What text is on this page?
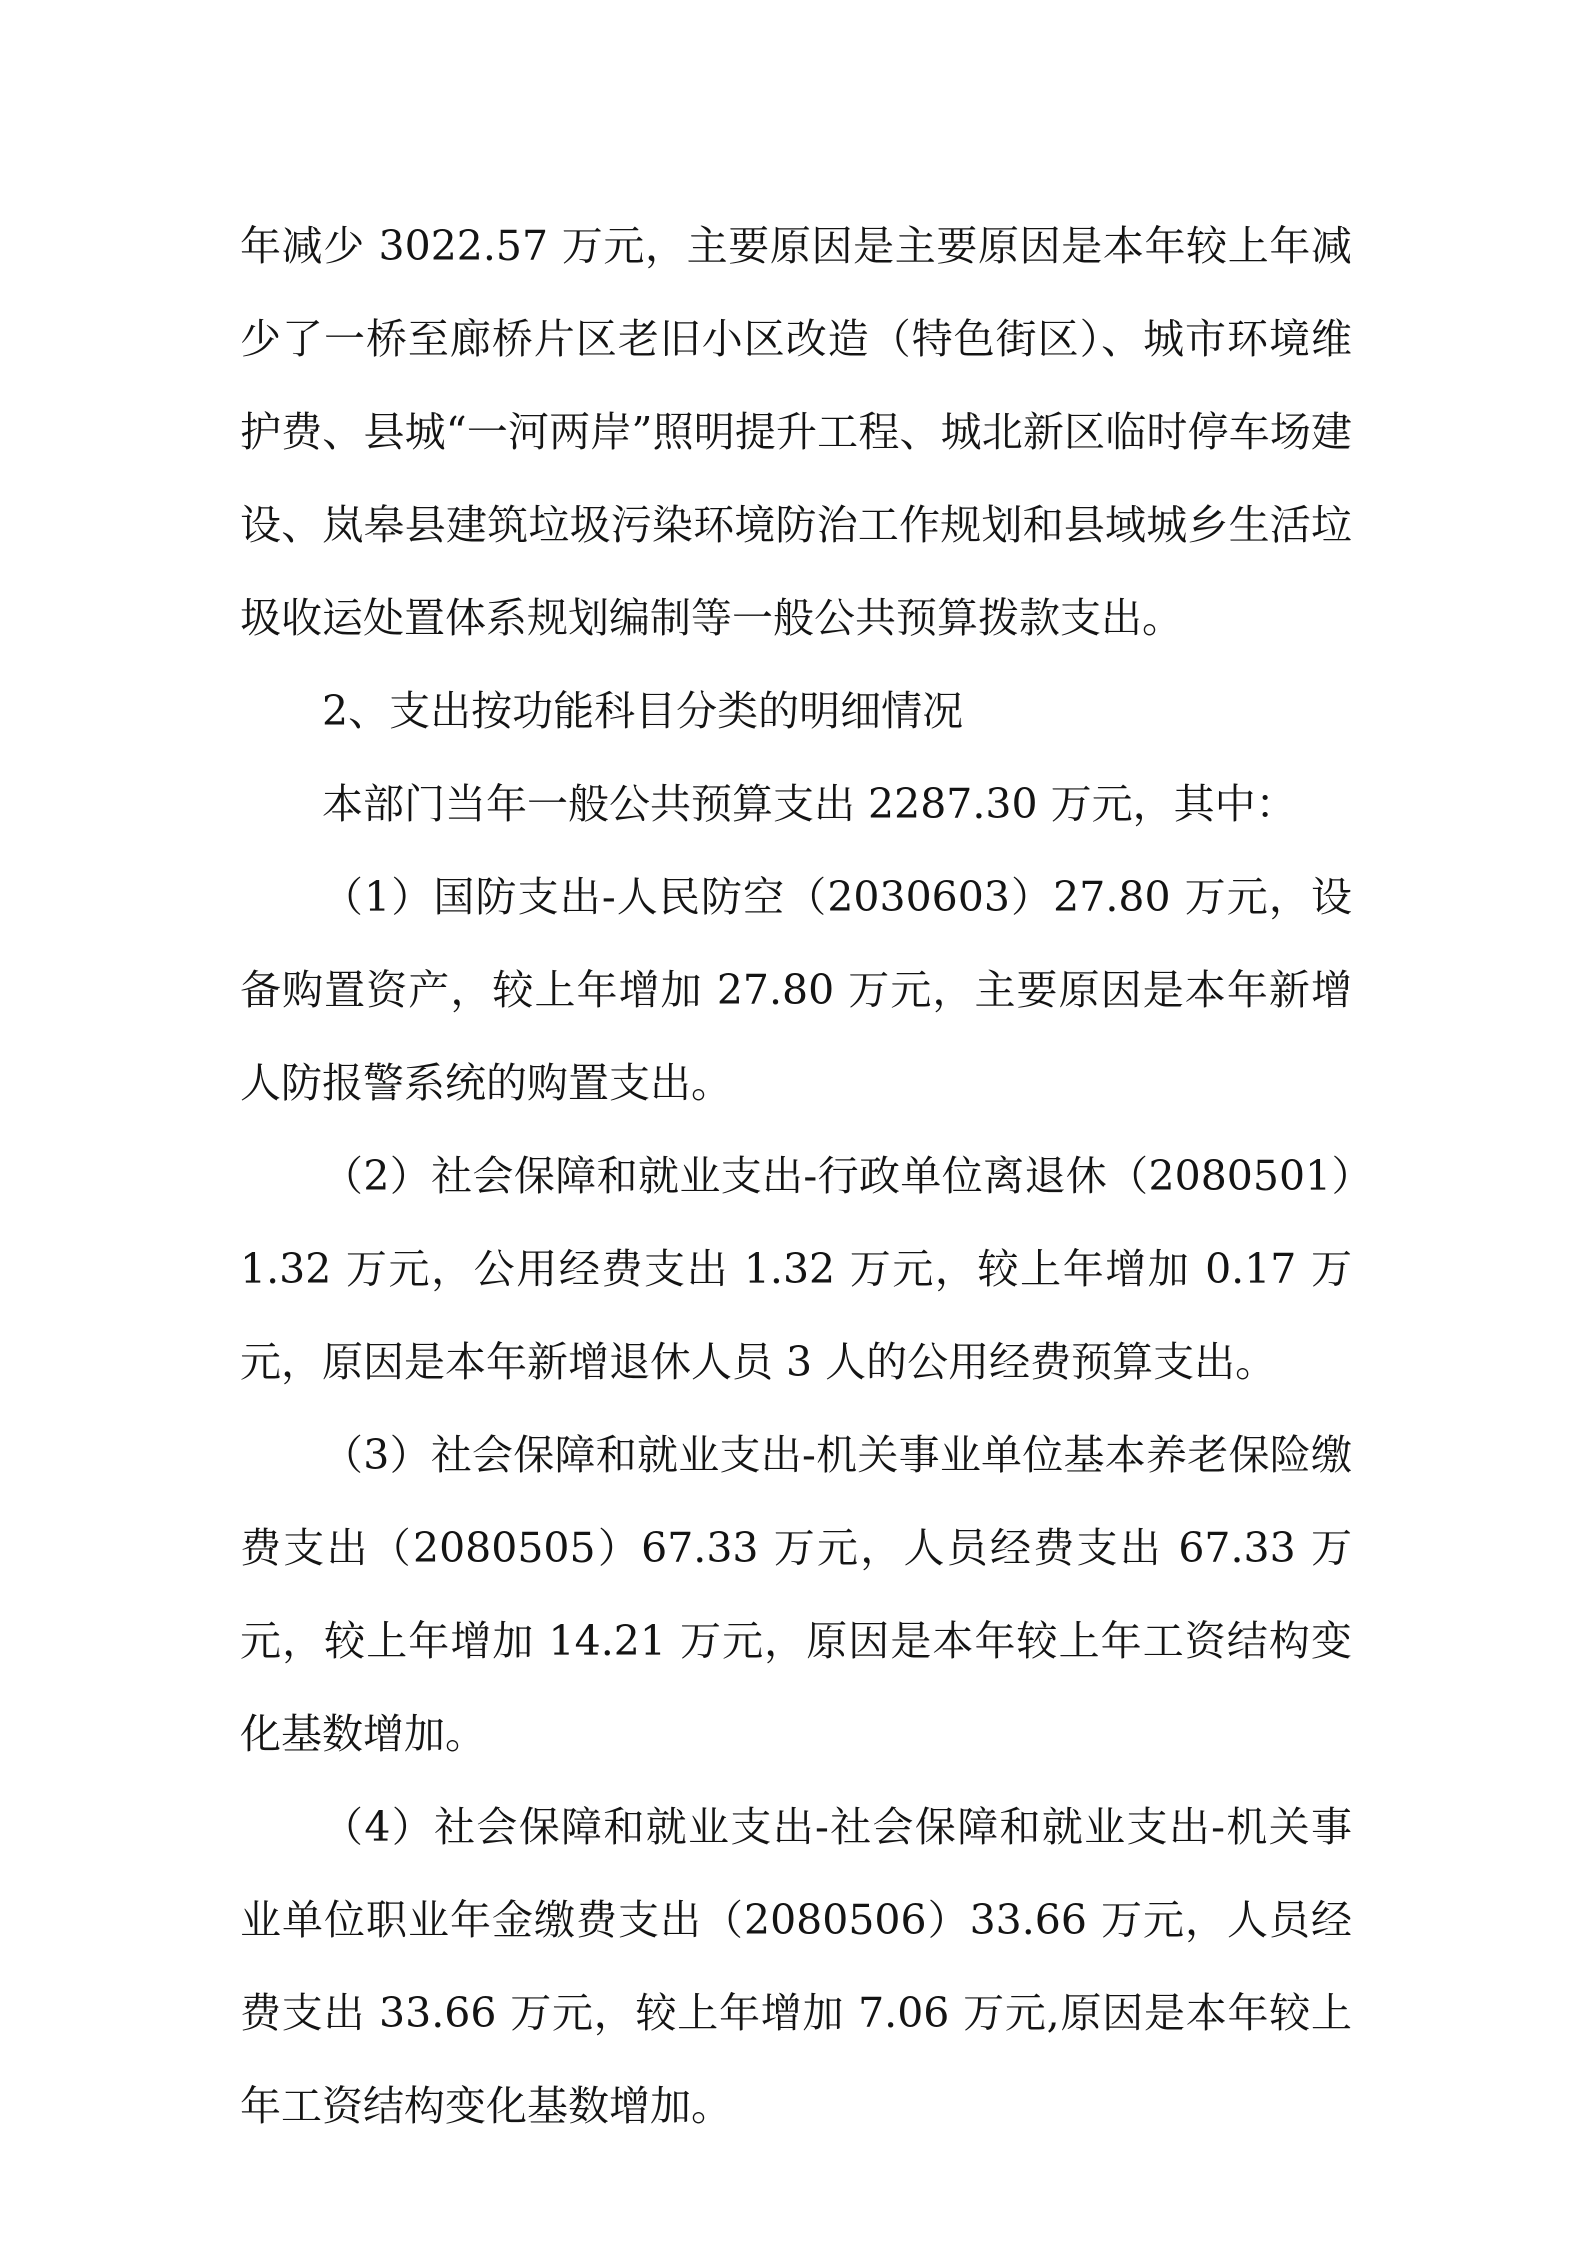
年减少 3022.57 万元，主要原因是主要原因是本年较上年减少了一桥至廊桥片区老旧小区改造（特色街区）、城市环境维护费、县城“一河两岸”照明提升工程、城北新区临时停车场建设、岚皋县建筑垃圾污染环境防治工作规划和县域城乡生活垃圾收运处置体系规划编制等一般公共预算拨款支出。

2、支出按功能科目分类的明细情况

本部门当年一般公共预算支出 2287.30 万元，其中：

（1）国防支出-人民防空（2030603）27.80 万元，设备购置资产，较上年增加 27.80 万元，主要原因是本年新增人防报警系统的购置支出。

（2）社会保障和就业支出-行政单位离退休（2080501）1.32 万元，公用经费支出 1.32 万元，较上年增加 0.17 万元，原因是本年新增退休人员 3 人的公用经费预算支出。

（3）社会保障和就业支出-机关事业单位基本养老保险缴费支出（2080505）67.33 万元，人员经费支出 67.33 万元，较上年增加 14.21 万元，原因是本年较上年工资结构变化基数增加。

（4）社会保障和就业支出-社会保障和就业支出-机关事业单位职业年金缴费支出（2080506）33.66 万元，人员经费支出 33.66 万元，较上年增加 7.06 万元,原因是本年较上年工资结构变化基数增加。
